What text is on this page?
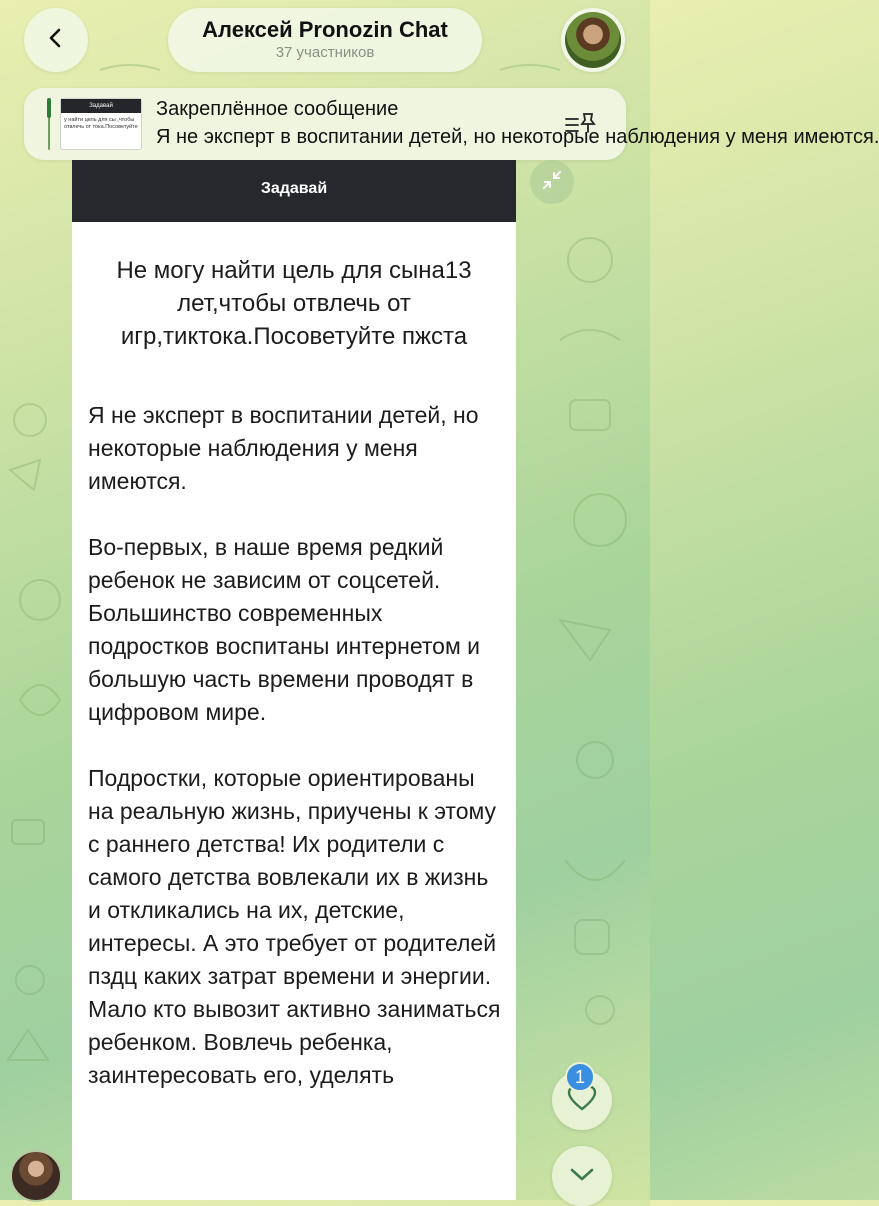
Алексей Pronozin Chat
37 участников
Задавай
у найти цель для сы ,чтобы отвлечь от тока.Посоветуйте
Закреплённое сообщение
Я не эксперт в воспитании детей, но некоторые наблюдения у меня имеются.
Задавай
Не могу найти цель для сына13 лет,чтобы отвлечь от игр,тиктока.Посоветуйте пжста

Я не эксперт в воспитании детей, но некоторые наблюдения у меня имеются.

Во-первых, в наше время редкий ребенок не зависим от соцсетей. Большинство современных подростков воспитаны интернетом и большую часть времени проводят в цифровом мире.

Подростки, которые ориентированы на реальную жизнь, приучены к этому с раннего детства! Их родители с самого детства вовлекали их в жизнь и откликались на их, детские, интересы. А это требует от родителей пздц каких затрат времени и энергии. Мало кто вывозит активно заниматься ребенком. Вовлечь ребенка, заинтересовать его, уделять	1
